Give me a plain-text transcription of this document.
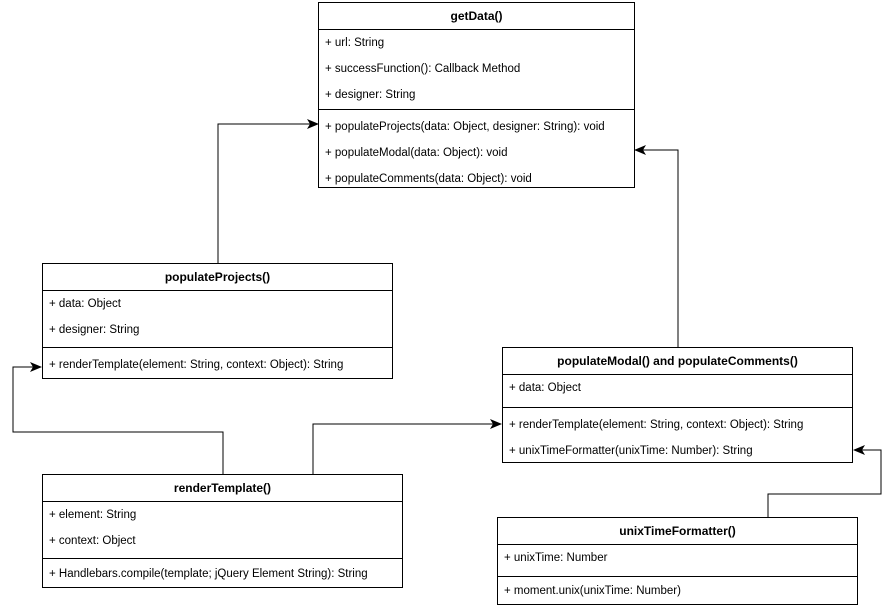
getData()
+ url: String
+ successFunction(): Callback Method
+ designer: String
+ populateProjects(data: Object, designer: String): void
+ populateModal(data: Object): void
+ populateComments(data: Object): void
populateProjects()
+ data: Object
+ designer: String
+ renderTemplate(element: String, context: Object): String	populateModal() and populateComments()
+ data: Object
+ renderTemplate(element: String, context: Object): String
+ unixTimeFormatter(unixTime: Number): String
renderTemplate()
+ element: String
+ context: Object
+ Handlebars.compile(template; jQuery Element String): String
unixTimeFormatter()
+ unixTime: Number
+ moment.unix(unixTime: Number)
